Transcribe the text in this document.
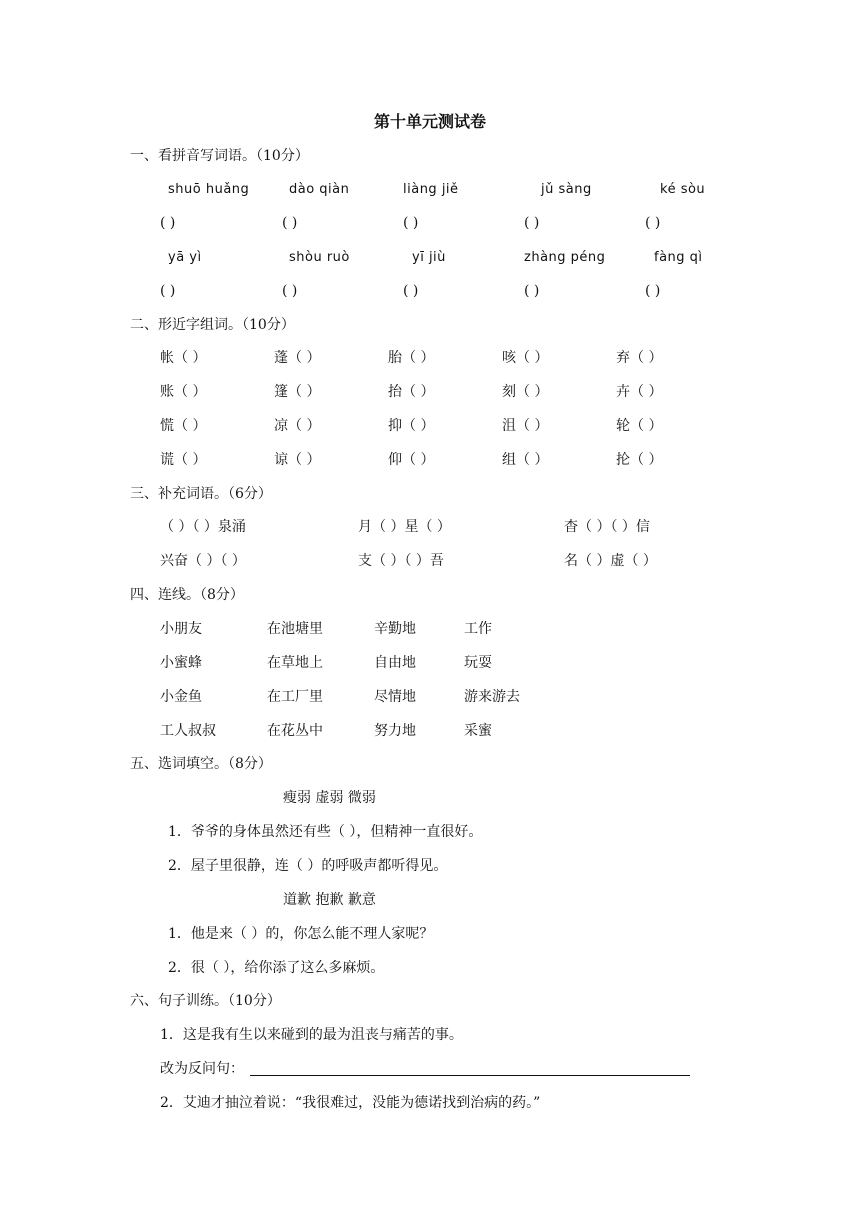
第十单元测试卷
一、看拼音写词语。（10分）
shuō huǎng	dào qiàn	liàng jiě	jǔ sàng	ké sòu
( )	( )	( )	( )	( )
yā yì	shòu ruò	yī jiù	zhàng péng	fàng qì
( )	( )	( )	( )	( )
二、形近字组词。（10分）
帐（ ）	蓬（ ）	胎（ ）	咳（ ）	弃（ ）
账（ ）	篷（ ）	抬（ ）	刻（ ）	卉（ ）
慌（ ）	凉（ ）	抑（ ）	沮（ ）	轮（ ）
谎（ ）	谅（ ）	仰（ ）	组（ ）	抡（ ）
三、补充词语。（6分）
（ ）（ ）泉涌	月（ ）星（ ）	杳（ ）（ ）信
兴奋（ ）（ ）	支（ ）（ ）吾	名（ ）虚（ ）
四、连线。（8分）
小朋友	在池塘里	辛勤地	工作
小蜜蜂	在草地上	自由地	玩耍
小金鱼	在工厂里	尽情地	游来游去
工人叔叔	在花丛中	努力地	采蜜
五、选词填空。（8分）
瘦弱 虚弱 微弱
1．爷爷的身体虽然还有些（ ），但精神一直很好。
2．屋子里很静，连（ ）的呼吸声都听得见。
道歉 抱歉 歉意
1．他是来（ ）的，你怎么能不理人家呢？
2．很（ ），给你添了这么多麻烦。
六、句子训练。（10分）
1．这是我有生以来碰到的最为沮丧与痛苦的事。
改为反问句：
2．艾迪才抽泣着说：“我很难过，没能为德诺找到治病的药。”
